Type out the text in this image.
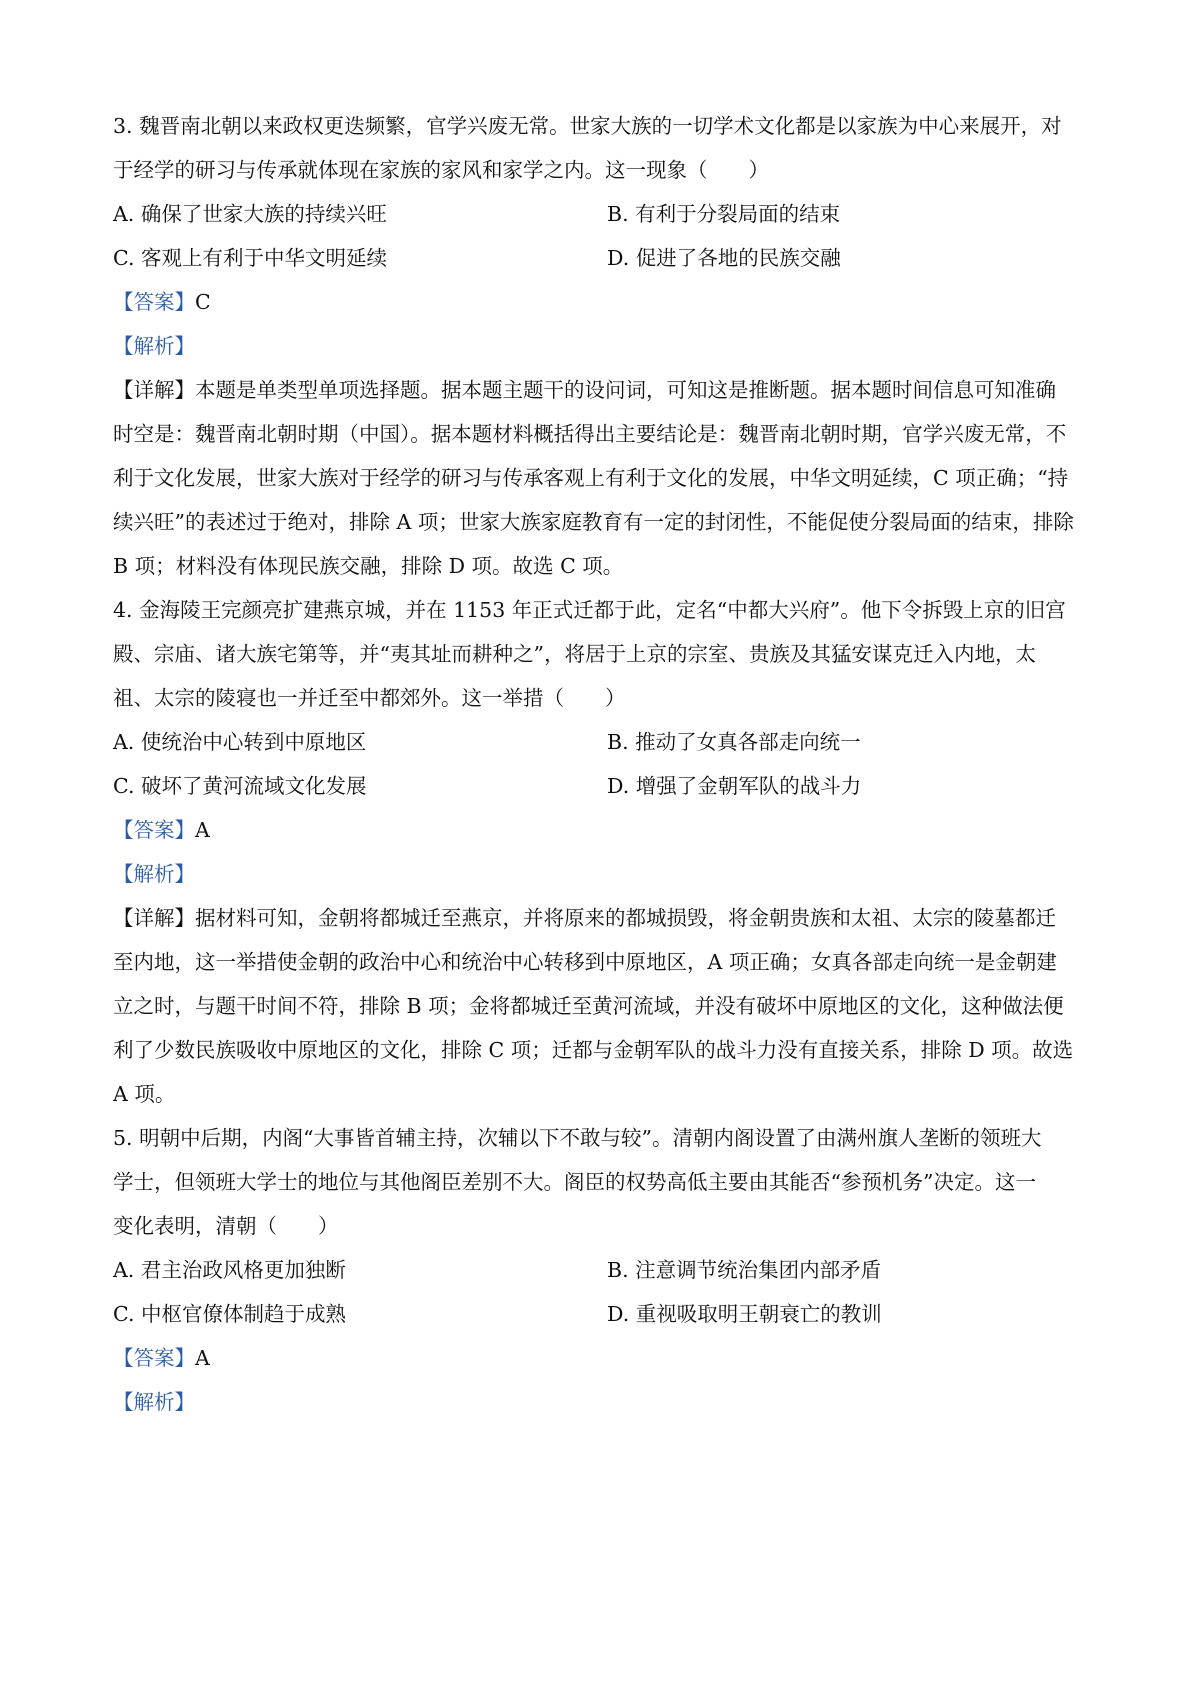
3. 魏晋南北朝以来政权更迭频繁，官学兴废无常。世家大族的一切学术文化都是以家族为中心来展开，对
于经学的研习与传承就体现在家族的家风和家学之内。这一现象（　　）
A. 确保了世家大族的持续兴旺	B. 有利于分裂局面的结束
C. 客观上有利于中华文明延续	D. 促进了各地的民族交融
【答案】C
【解析】
【详解】本题是单类型单项选择题。据本题主题干的设问词，可知这是推断题。据本题时间信息可知准确
时空是：魏晋南北朝时期（中国）。据本题材料概括得出主要结论是：魏晋南北朝时期，官学兴废无常，不
利于文化发展，世家大族对于经学的研习与传承客观上有利于文化的发展，中华文明延续，C 项正确；“持
续兴旺”的表述过于绝对，排除 A 项；世家大族家庭教育有一定的封闭性，不能促使分裂局面的结束，排除
B 项；材料没有体现民族交融，排除 D 项。故选 C 项。
4. 金海陵王完颜亮扩建燕京城，并在 1153 年正式迁都于此，定名“中都大兴府”。他下令拆毁上京的旧宫
殿、宗庙、诸大族宅第等，并“夷其址而耕种之”，将居于上京的宗室、贵族及其猛安谋克迁入内地，太
祖、太宗的陵寝也一并迁至中都郊外。这一举措（　　）
A. 使统治中心转到中原地区	B. 推动了女真各部走向统一
C. 破坏了黄河流域文化发展	D. 增强了金朝军队的战斗力
【答案】A
【解析】
【详解】据材料可知，金朝将都城迁至燕京，并将原来的都城损毁，将金朝贵族和太祖、太宗的陵墓都迁
至内地，这一举措使金朝的政治中心和统治中心转移到中原地区，A 项正确；女真各部走向统一是金朝建
立之时，与题干时间不符，排除 B 项；金将都城迁至黄河流域，并没有破坏中原地区的文化，这种做法便
利了少数民族吸收中原地区的文化，排除 C 项；迁都与金朝军队的战斗力没有直接关系，排除 D 项。故选
A 项。
5. 明朝中后期，内阁“大事皆首辅主持，次辅以下不敢与较”。清朝内阁设置了由满州旗人垄断的领班大
学士，但领班大学士的地位与其他阁臣差别不大。阁臣的权势高低主要由其能否“参预机务”决定。这一
变化表明，清朝（　　）
A. 君主治政风格更加独断	B. 注意调节统治集团内部矛盾
C. 中枢官僚体制趋于成熟	D. 重视吸取明王朝衰亡的教训
【答案】A
【解析】
